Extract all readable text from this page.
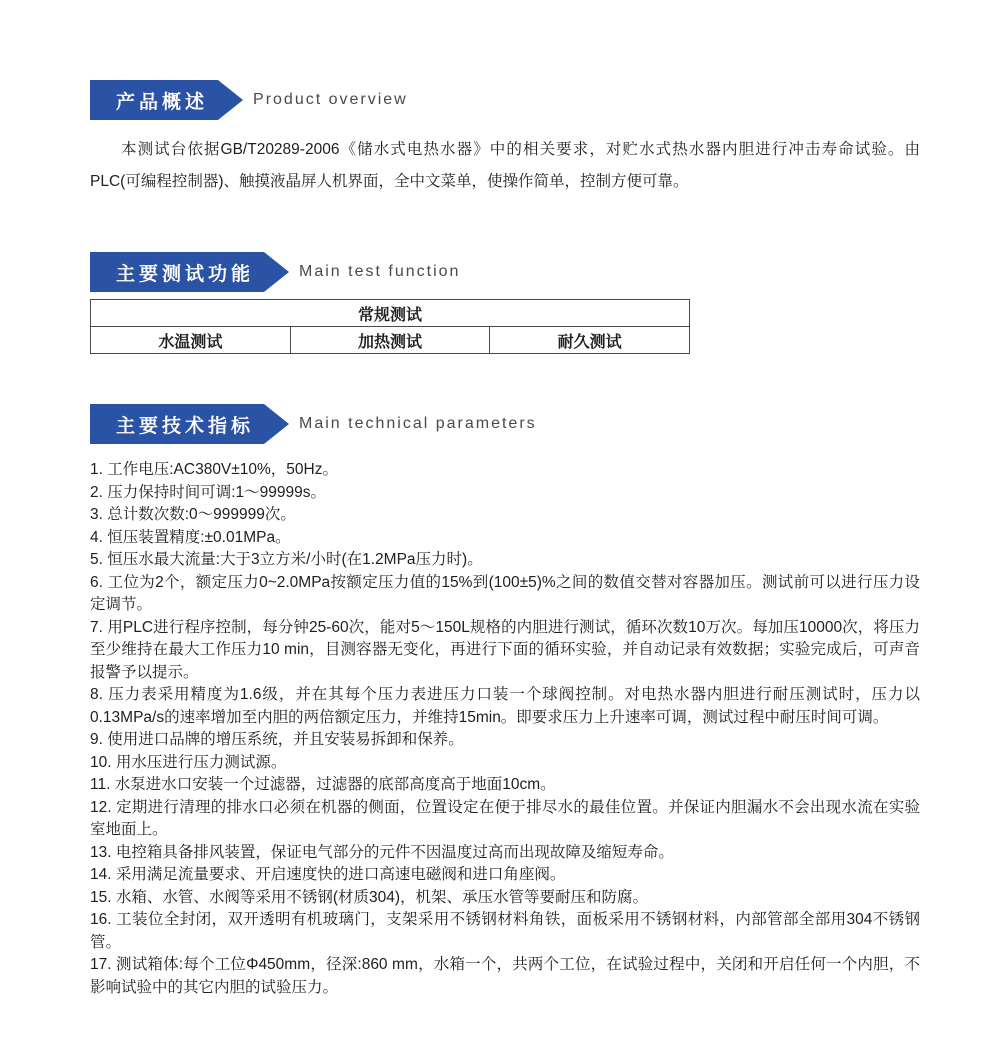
产品概述	Product overview

本测试台依据GB/T20289-2006《储水式电热水器》中的相关要求，对贮水式热水器内胆进行冲击寿命试验。由PLC(可编程控制器)、触摸液晶屏人机界面，全中文菜单，使操作简单，控制方便可靠。

主要测试功能	Main test function
常规测试
水温测试	加热测试	耐久测试
主要技术指标	Main technical parameters

1. 工作电压:AC380V±10%，50Hz。

2. 压力保持时间可调:1～99999s。

3. 总计数次数:0～999999次。

4. 恒压装置精度:±0.01MPa。

5. 恒压水最大流量:大于3立方米/小时(在1.2MPa压力时)。

6. 工位为2个，额定压力0~2.0MPa按额定压力值的15%到(100±5)%之间的数值交替对容器加压。测试前可以进行压力设定调节。

7. 用PLC进行程序控制，每分钟25-60次，能对5～150L规格的内胆进行测试，循环次数10万次。每加压10000次，将压力至少维持在最大工作压力10 min，目测容器无变化，再进行下面的循环实验，并自动记录有效数据；实验完成后，可声音报警予以提示。

8. 压力表采用精度为1.6级，并在其每个压力表进压力口装一个球阀控制。对电热水器内胆进行耐压测试时，压力以0.13MPa/s的速率增加至内胆的两倍额定压力，并维持15min。即要求压力上升速率可调，测试过程中耐压时间可调。

9. 使用进口品牌的增压系统，并且安装易拆卸和保养。

10. 用水压进行压力测试源。

11. 水泵进水口安装一个过滤器，过滤器的底部高度高于地面10cm。

12. 定期进行清理的排水口必须在机器的侧面，位置设定在便于排尽水的最佳位置。并保证内胆漏水不会出现水流在实验室地面上。

13. 电控箱具备排风装置，保证电气部分的元件不因温度过高而出现故障及缩短寿命。

14. 采用满足流量要求、开启速度快的进口高速电磁阀和进口角座阀。

15. 水箱、水管、水阀等采用不锈钢(材质304)，机架、承压水管等要耐压和防腐。

16. 工装位全封闭，双开透明有机玻璃门，支架采用不锈钢材料角铁，面板采用不锈钢材料，内部管部全部用304不锈钢管。

17. 测试箱体:每个工位Φ450mm，径深:860 mm，水箱一个，共两个工位，在试验过程中，关闭和开启任何一个内胆，不影响试验中的其它内胆的试验压力。
